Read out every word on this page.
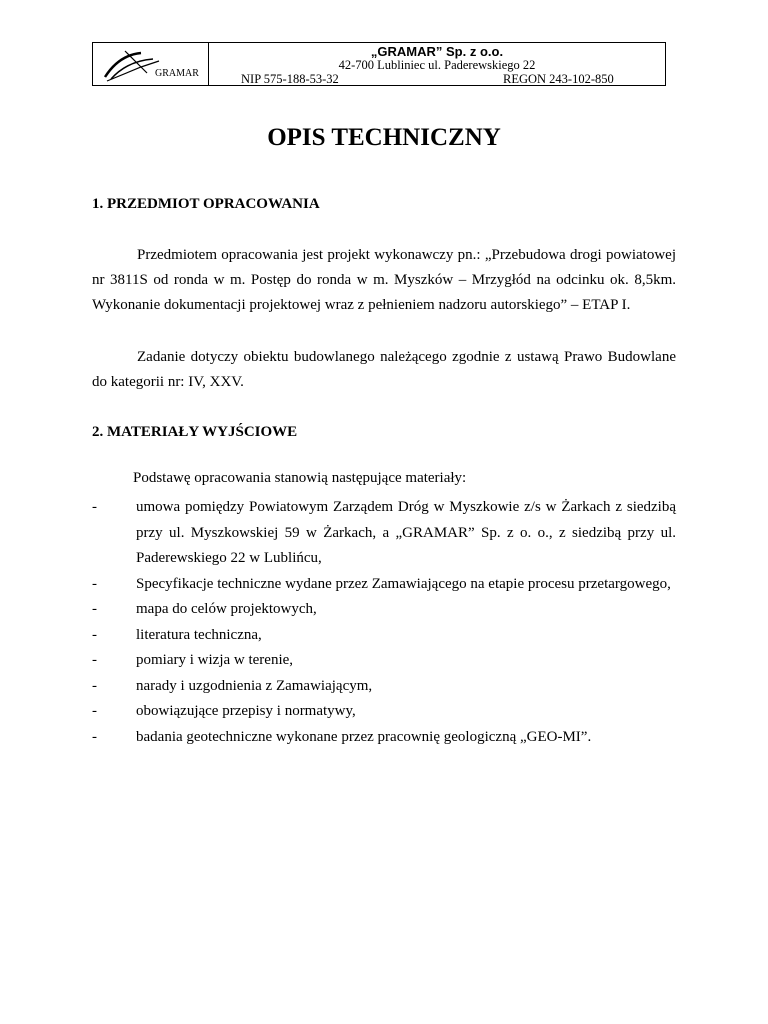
GRAMAR
„GRAMAR” Sp. z o.o.
42-700 Lubliniec ul. Paderewskiego 22
NIP 575-188-53-32	REGON 243-102-850
OPIS TECHNICZNY
1. PRZEDMIOT OPRACOWANIA
Przedmiotem opracowania jest projekt wykonawczy pn.: „Przebudowa drogi powiatowej nr 3811S od ronda w m. Postęp do ronda w m. Myszków – Mrzygłód na odcinku ok. 8,5km. Wykonanie dokumentacji projektowej wraz z pełnieniem nadzoru autorskiego” – ETAP I.
Zadanie dotyczy obiektu budowlanego należącego zgodnie z ustawą Prawo Budowlane do kategorii nr: IV, XXV.
2. MATERIAŁY WYJŚCIOWE
Podstawę opracowania stanowią następujące materiały:
-	umowa pomiędzy Powiatowym Zarządem Dróg w Myszkowie z/s w Żarkach z siedzibą przy ul. Myszkowskiej 59 w Żarkach, a „GRAMAR” Sp. z o. o., z siedzibą przy ul. Paderewskiego 22 w Lublińcu,
-	Specyfikacje techniczne wydane przez Zamawiającego na etapie procesu przetargowego,
-	mapa do celów projektowych,
-	literatura techniczna,
-	pomiary i wizja w terenie,
-	narady i uzgodnienia z Zamawiającym,
-	obowiązujące przepisy i normatywy,
-	badania geotechniczne wykonane przez pracownię geologiczną „GEO-MI”.
